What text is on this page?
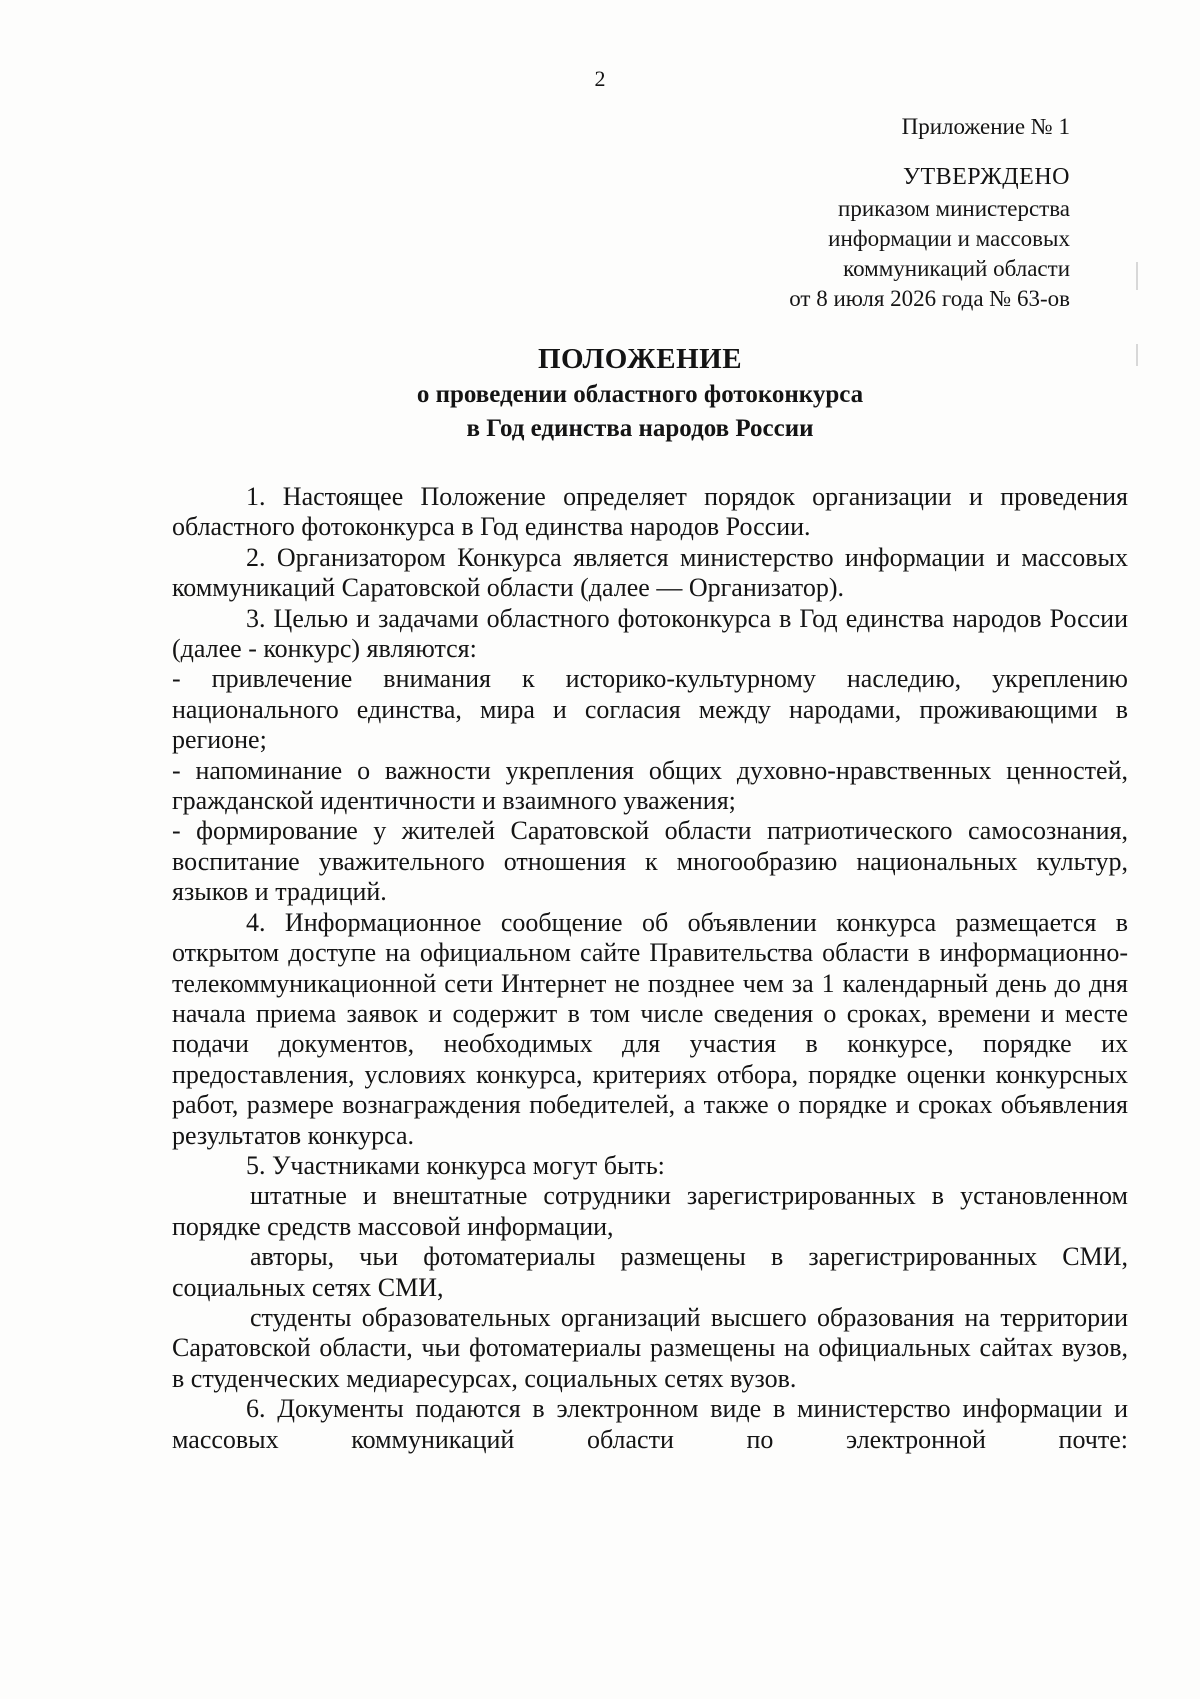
2
Приложение № 1
УТВЕРЖДЕНО
приказом министерства
информации и массовых
коммуникаций области
от 8 июля 2026 года № 63-ов
ПОЛОЖЕНИЕ
о проведении областного фотоконкурса
в Год единства народов России

1. Настоящее Положение определяет порядок организации и проведения областного фотоконкурса в Год единства народов России.

2. Организатором Конкурса является министерство информации и массовых коммуникаций Саратовской области (далее — Организатор).

3. Целью и задачами областного фотоконкурса в Год единства народов России (далее - конкурс) являются:

- привлечение внимания к историко-культурному наследию, укреплению национального единства, мира и согласия между народами, проживающими в регионе;

- напоминание о важности укрепления общих духовно-нравственных ценностей, гражданской идентичности и взаимного уважения;

- формирование у жителей Саратовской области патриотического самосознания, воспитание уважительного отношения к многообразию национальных культур, языков и традиций.

4. Информационное сообщение об объявлении конкурса размещается в открытом доступе на официальном сайте Правительства области в информационно-телекоммуникационной сети Интернет не позднее чем за 1 календарный день до дня начала приема заявок и содержит в том числе сведения о сроках, времени и месте подачи документов, необходимых для участия в конкурсе, порядке их предоставления, условиях конкурса, критериях отбора, порядке оценки конкурсных работ, размере вознаграждения победителей, а также о порядке и сроках объявления результатов конкурса.

5. Участниками конкурса могут быть:

штатные и внештатные сотрудники зарегистрированных в установленном порядке средств массовой информации,

авторы, чьи фотоматериалы размещены в зарегистрированных СМИ, социальных сетях СМИ,

студенты образовательных организаций высшего образования на территории Саратовской области, чьи фотоматериалы размещены на официальных сайтах вузов, в студенческих медиаресурсах, социальных сетях вузов.

6. Документы подаются в электронном виде в министерство информации и массовых коммуникаций области по электронной почте:
